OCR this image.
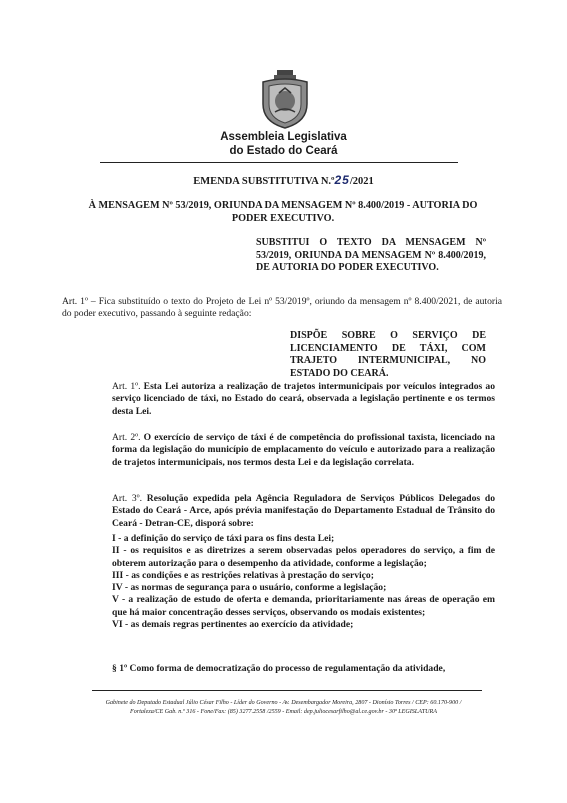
Assembleia Legislativa
do Estado do Ceará
EMENDA SUBSTITUTIVA N.º25/2021
À MENSAGEM Nº 53/2019, ORIUNDA DA MENSAGEM Nº 8.400/2019 - AUTORIA DO
PODER EXECUTIVO.
SUBSTITUI O TEXTO DA MENSAGEM Nº 53/2019, ORIUNDA DA MENSAGEM Nº 8.400/2019, DE AUTORIA DO PODER EXECUTIVO.
Art. 1º – Fica substituído o texto do Projeto de Lei nº 53/2019º, oriundo da mensagem nº 8.400/2021, de autoria do poder executivo, passando à seguinte redação:
DISPÕE SOBRE O SERVIÇO DE LICENCIAMENTO DE TÁXI, COM TRAJETO INTERMUNICIPAL, NO ESTADO DO CEARÁ.
Art. 1º. Esta Lei autoriza a realização de trajetos intermunicipais por veículos integrados ao serviço licenciado de táxi, no Estado do ceará, observada a legislação pertinente e os termos desta Lei.
Art. 2º. O exercício de serviço de táxi é de competência do profissional taxista, licenciado na forma da legislação do município de emplacamento do veículo e autorizado para a realização de trajetos intermunicipais, nos termos desta Lei e da legislação correlata.
Art. 3º. Resolução expedida pela Agência Reguladora de Serviços Públicos Delegados do Estado do Ceará - Arce, após prévia manifestação do Departamento Estadual de Trânsito do Ceará - Detran-CE, disporá sobre:
I - a definição do serviço de táxi para os fins desta Lei;
II - os requisitos e as diretrizes a serem observadas pelos operadores do serviço, a fim de obterem autorização para o desempenho da atividade, conforme a legislação;
III - as condições e as restrições relativas à prestação do serviço;
IV - as normas de segurança para o usuário, conforme a legislação;
V - a realização de estudo de oferta e demanda, prioritariamente nas áreas de operação em que há maior concentração desses serviços, observando os modais existentes;
VI - as demais regras pertinentes ao exercício da atividade;
§ 1º Como forma de democratização do processo de regulamentação da atividade,
Gabinete do Deputado Estadual Júlio César Filho - Líder do Governo - Av. Desembargador Moreira, 2807 - Dionísio Torres / CEP: 60.170-900 /
Fortaleza/CE Gab. n.º 316 - Fone/Fax: (85) 3277.2558 /2559 - Email: dep.juliocesarfilho@al.ce.gov.br - 30ª LEGISLATURA
